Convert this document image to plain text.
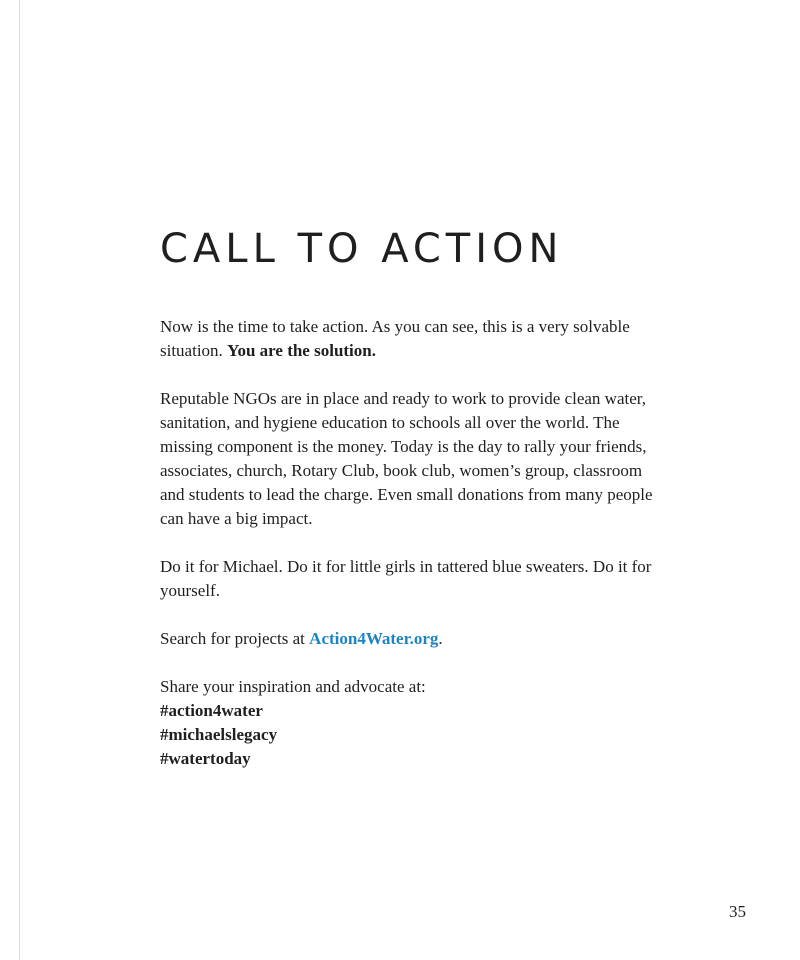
CALL TO ACTION

Now is the time to take action. As you can see, this is a very solvable situation. You are the solution.

Reputable NGOs are in place and ready to work to provide clean water, sanitation, and hygiene education to schools all over the world. The missing component is the money. Today is the day to rally your friends, associates, church, Rotary Club, book club, women’s group, classroom and students to lead the charge. Even small donations from many people can have a big impact.

Do it for Michael. Do it for little girls in tattered blue sweaters. Do it for yourself.

Search for projects at Action4Water.org.

Share your inspiration and advocate at:
#action4water
#michaelslegacy
#watertoday

35
